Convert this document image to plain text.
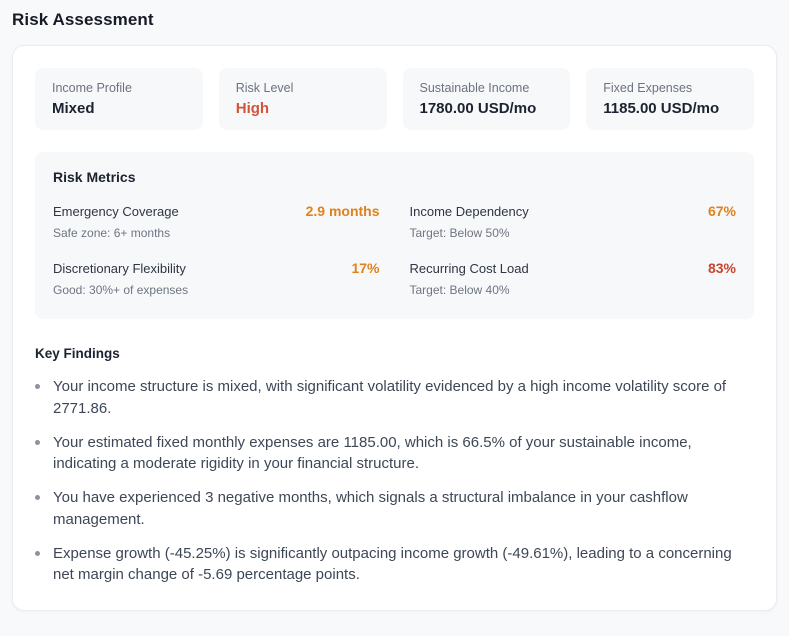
Risk Assessment
Income Profile
Mixed
Risk Level
High
Sustainable Income
1780.00 USD/mo
Fixed Expenses
1185.00 USD/mo
Risk Metrics
Emergency Coverage	2.9 months
Safe zone: 6+ months
Income Dependency	67%
Target: Below 50%
Discretionary Flexibility	17%
Good: 30%+ of expenses
Recurring Cost Load	83%
Target: Below 40%
Key Findings
Your income structure is mixed, with significant volatility evidenced by a high income volatility score of 2771.86.
Your estimated fixed monthly expenses are 1185.00, which is 66.5% of your sustainable income, indicating a moderate rigidity in your financial structure.
You have experienced 3 negative months, which signals a structural imbalance in your cashflow management.
Expense growth (-45.25%) is significantly outpacing income growth (-49.61%), leading to a concerning net margin change of -5.69 percentage points.
